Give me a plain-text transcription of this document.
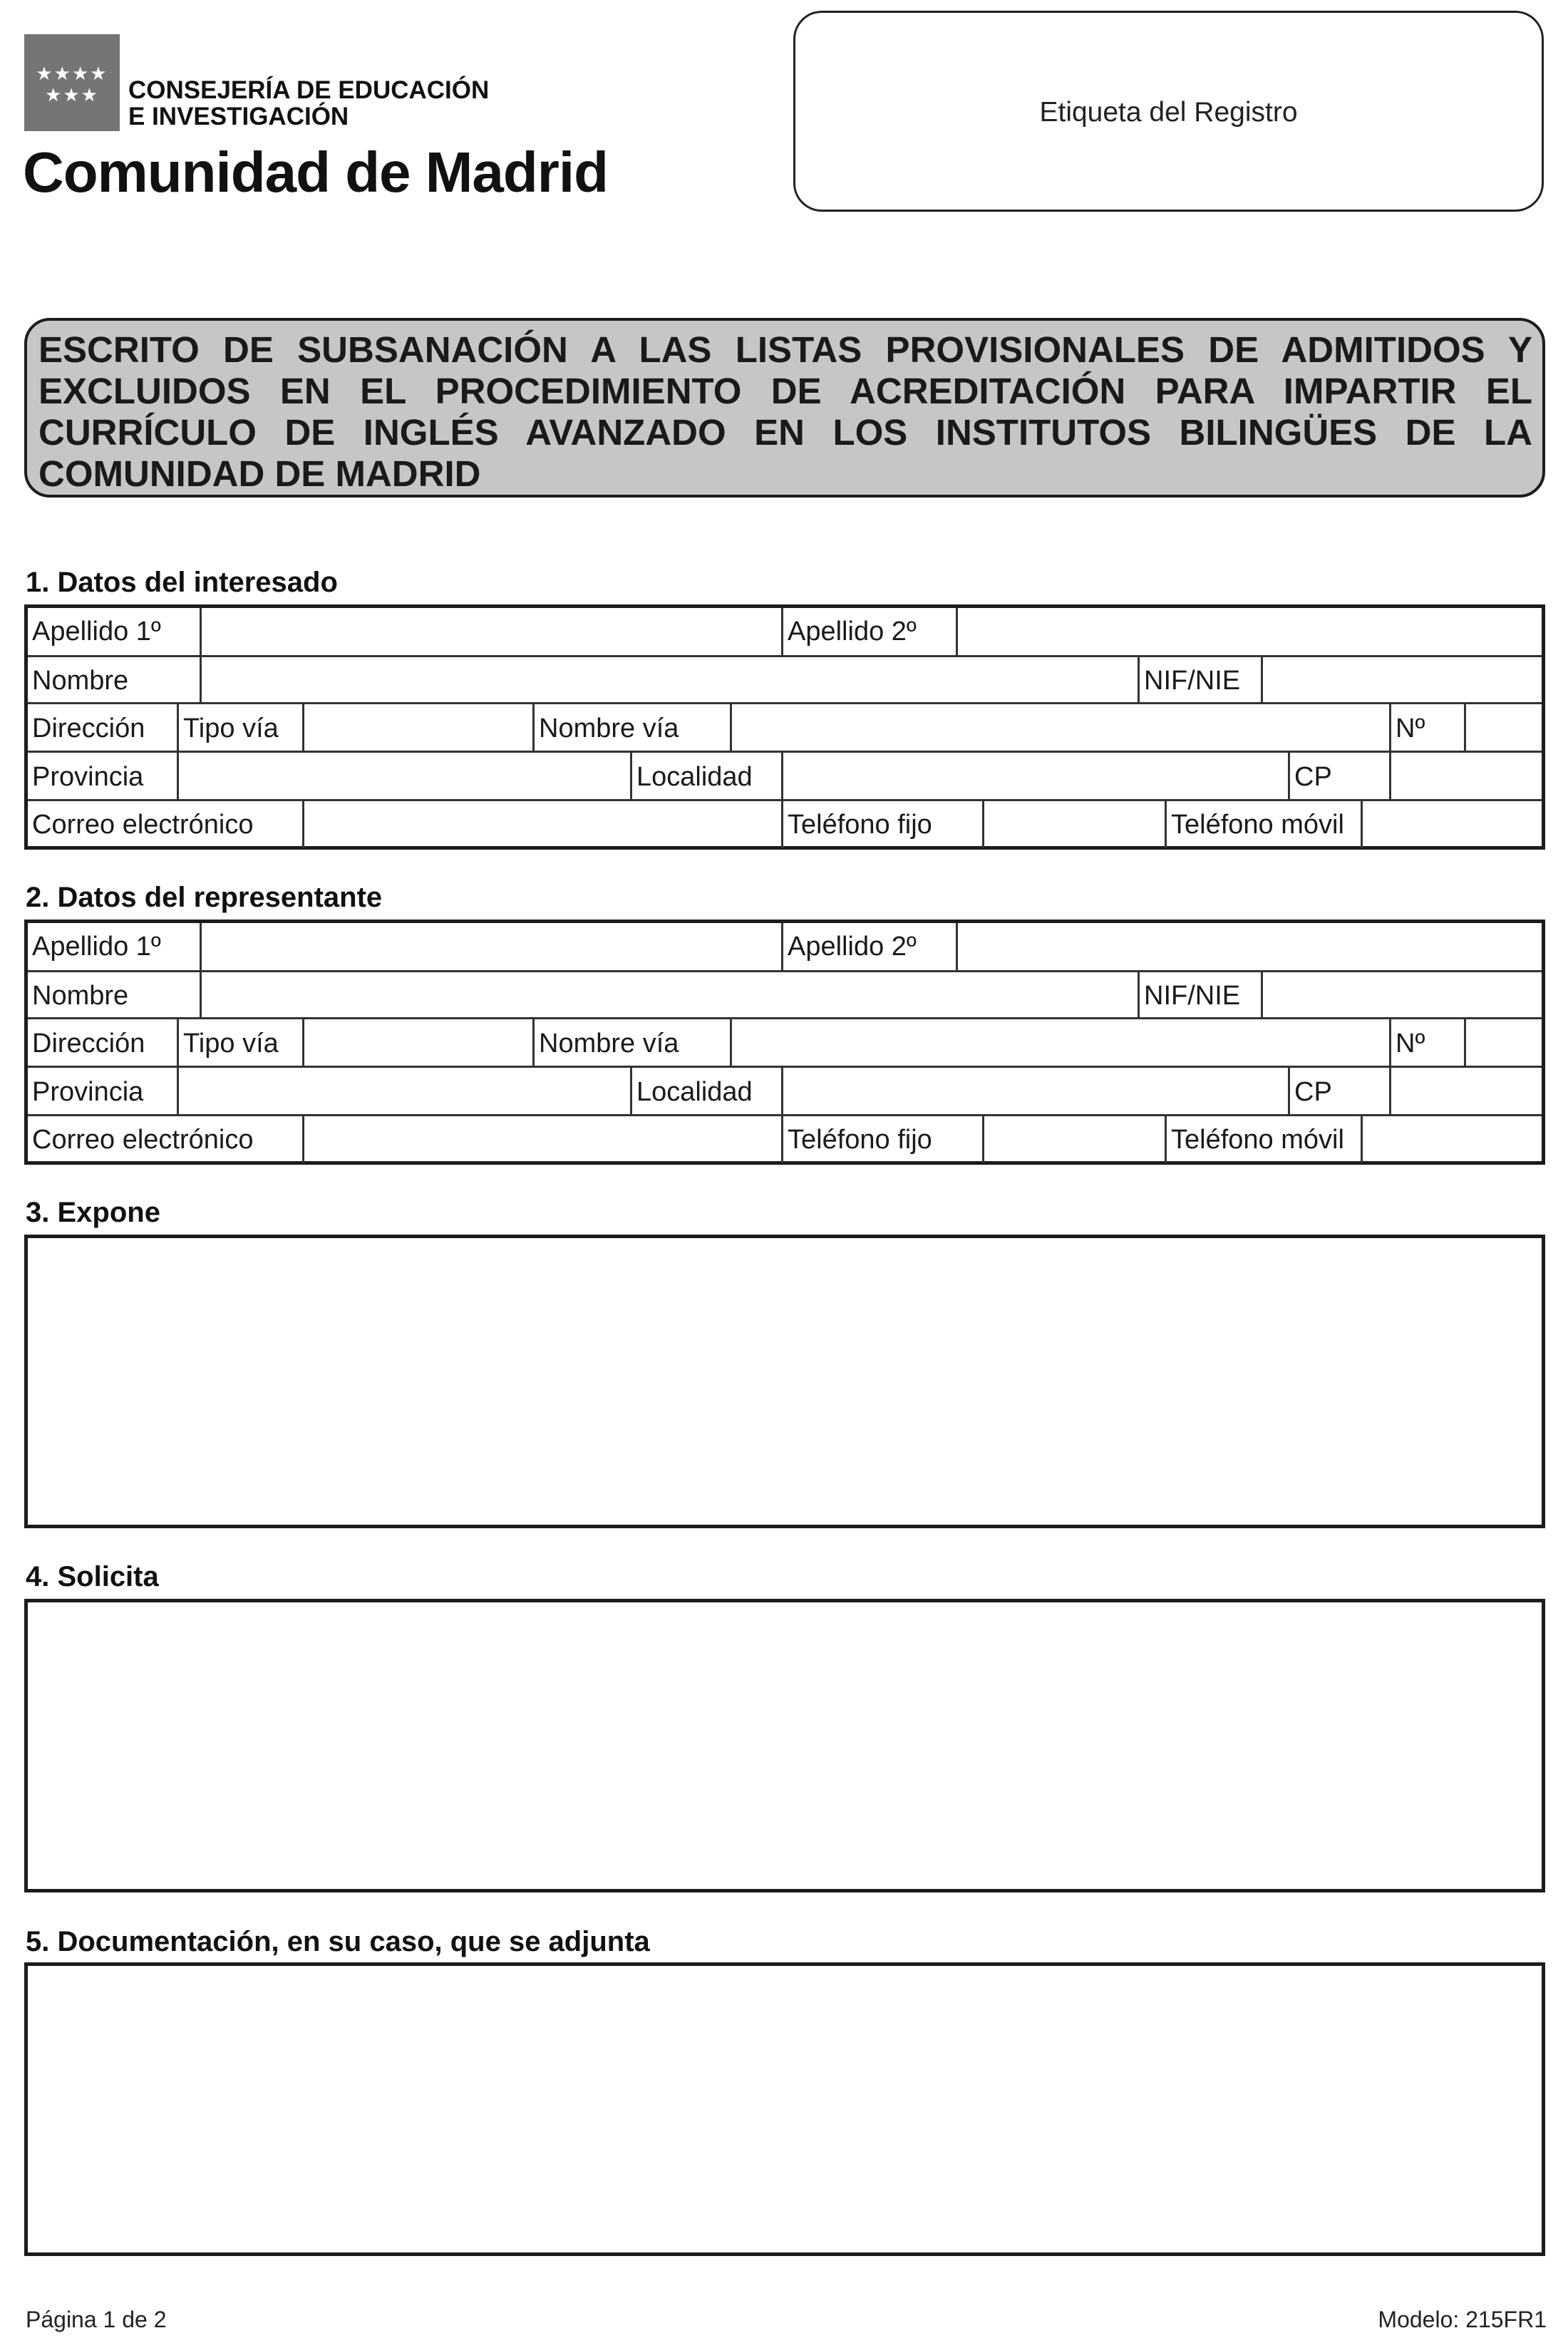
★★★★ ★★★	CONSEJERÍA DE EDUCACIÓN
E INVESTIGACIÓN
Comunidad de Madrid
Etiqueta del Registro
ESCRITO DE SUBSANACIÓN A LAS LISTAS PROVISIONALES DE ADMITIDOS Y EXCLUIDOS EN EL PROCEDIMIENTO DE ACREDITACIÓN PARA IMPARTIR EL CURRÍCULO DE INGLÉS AVANZADO EN LOS INSTITUTOS BILINGÜES DE LA COMUNIDAD DE MADRID
1. Datos del interesado
Apellido 1º	Apellido 2º
Nombre	NIF/NIE
Dirección Tipo vía	Nombre vía	Nº
Provincia	Localidad	CP
Correo electrónico	Teléfono fijo	Teléfono móvil
2. Datos del representante
Apellido 1º	Apellido 2º
Nombre	NIF/NIE
Dirección Tipo vía	Nombre vía	Nº
Provincia	Localidad	CP
Correo electrónico	Teléfono fijo	Teléfono móvil
3. Expone
4. Solicita
5. Documentación, en su caso, que se adjunta
Página 1 de 2	Modelo: 215FR1
